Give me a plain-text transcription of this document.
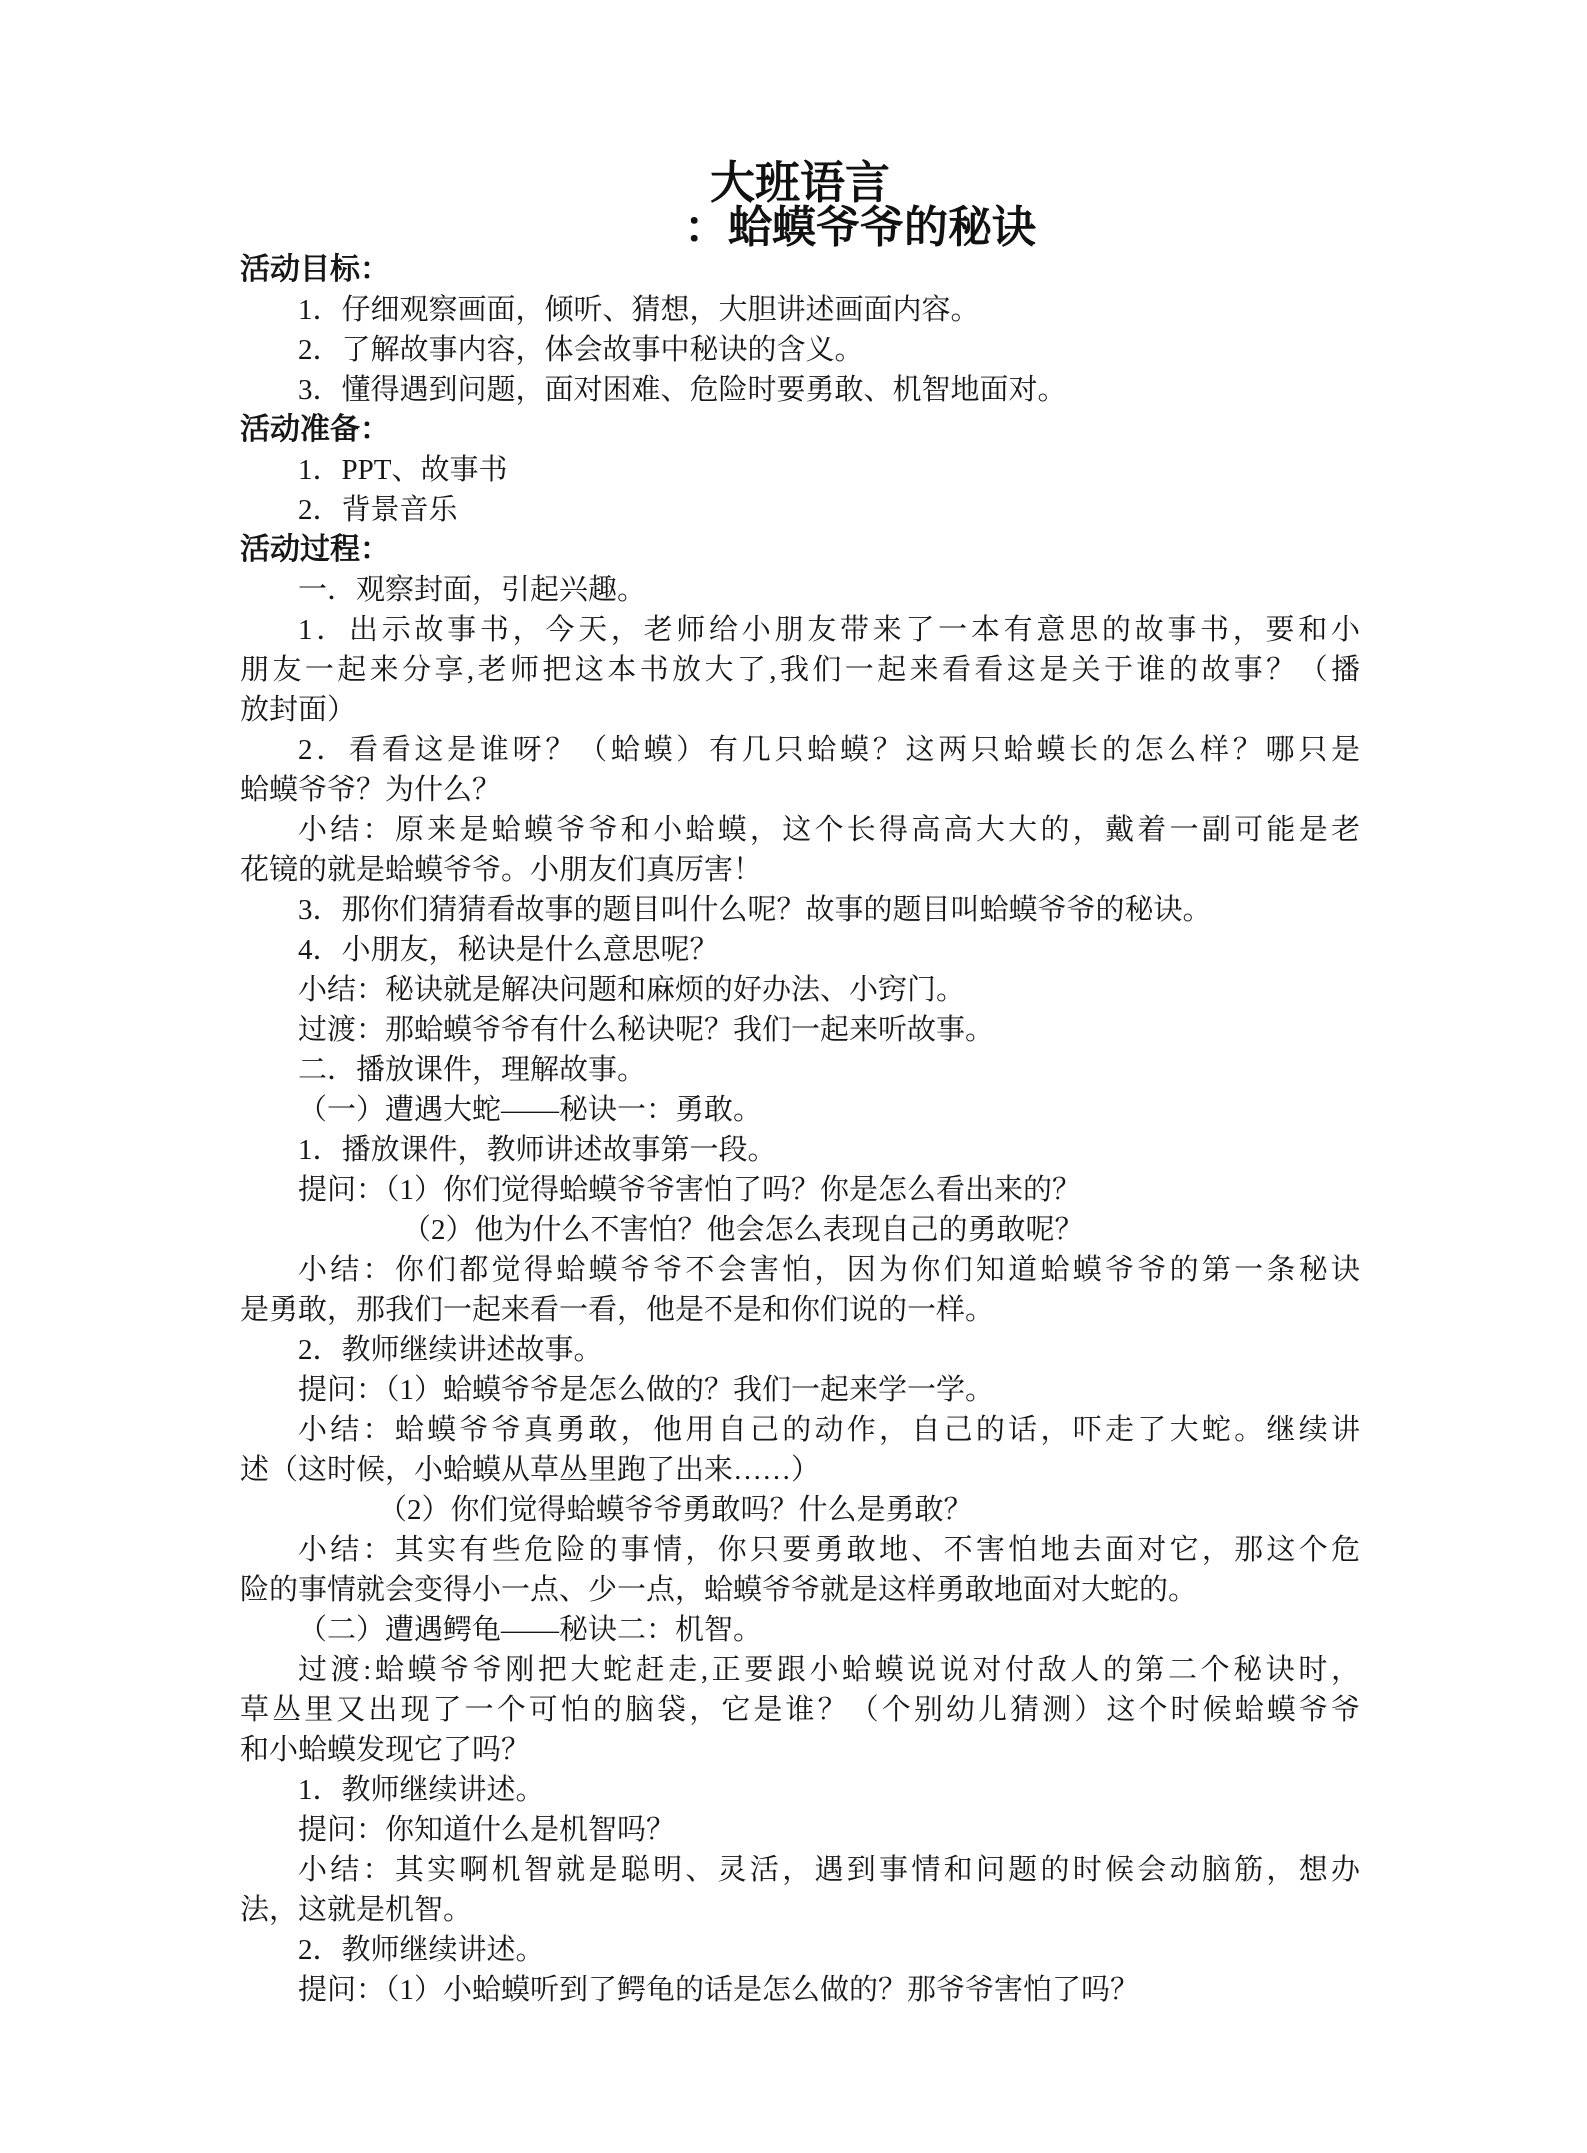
大班语言
：蛤蟆爷爷的秘诀
活动目标：
1．仔细观察画面，倾听、猜想，大胆讲述画面内容。
2．了解故事内容，体会故事中秘诀的含义。
3．懂得遇到问题，面对困难、危险时要勇敢、机智地面对。
活动准备：
1．PPT、故事书
2．背景音乐
活动过程：
一．观察封面，引起兴趣。
1．出示故事书，今天，老师给小朋友带来了一本有意思的故事书，要和小
朋友一起来分享,老师把这本书放大了,我们一起来看看这是关于谁的故事？（播
放封面）
2．看看这是谁呀？（蛤蟆）有几只蛤蟆？这两只蛤蟆长的怎么样？哪只是
蛤蟆爷爷？为什么？
小结：原来是蛤蟆爷爷和小蛤蟆，这个长得高高大大的，戴着一副可能是老
花镜的就是蛤蟆爷爷。小朋友们真厉害！
3．那你们猜猜看故事的题目叫什么呢？故事的题目叫蛤蟆爷爷的秘诀。
4．小朋友，秘诀是什么意思呢？
小结：秘诀就是解决问题和麻烦的好办法、小窍门。
过渡：那蛤蟆爷爷有什么秘诀呢？我们一起来听故事。
二．播放课件，理解故事。
（一）遭遇大蛇——秘诀一：勇敢。
1．播放课件，教师讲述故事第一段。
提问：（1）你们觉得蛤蟆爷爷害怕了吗？你是怎么看出来的？
（2）他为什么不害怕？他会怎么表现自己的勇敢呢？
小结：你们都觉得蛤蟆爷爷不会害怕，因为你们知道蛤蟆爷爷的第一条秘诀
是勇敢，那我们一起来看一看，他是不是和你们说的一样。
2．教师继续讲述故事。
提问：（1）蛤蟆爷爷是怎么做的？我们一起来学一学。
小结：蛤蟆爷爷真勇敢，他用自己的动作，自己的话，吓走了大蛇。继续讲
述（这时候，小蛤蟆从草丛里跑了出来……）
（2）你们觉得蛤蟆爷爷勇敢吗？什么是勇敢？
小结：其实有些危险的事情，你只要勇敢地、不害怕地去面对它，那这个危
险的事情就会变得小一点、少一点，蛤蟆爷爷就是这样勇敢地面对大蛇的。
（二）遭遇鳄龟——秘诀二：机智。
过渡:蛤蟆爷爷刚把大蛇赶走,正要跟小蛤蟆说说对付敌人的第二个秘诀时，
草丛里又出现了一个可怕的脑袋，它是谁？（个别幼儿猜测）这个时候蛤蟆爷爷
和小蛤蟆发现它了吗？
1．教师继续讲述。
提问：你知道什么是机智吗？
小结：其实啊机智就是聪明、灵活，遇到事情和问题的时候会动脑筋，想办
法，这就是机智。
2．教师继续讲述。
提问：（1）小蛤蟆听到了鳄龟的话是怎么做的？那爷爷害怕了吗？
